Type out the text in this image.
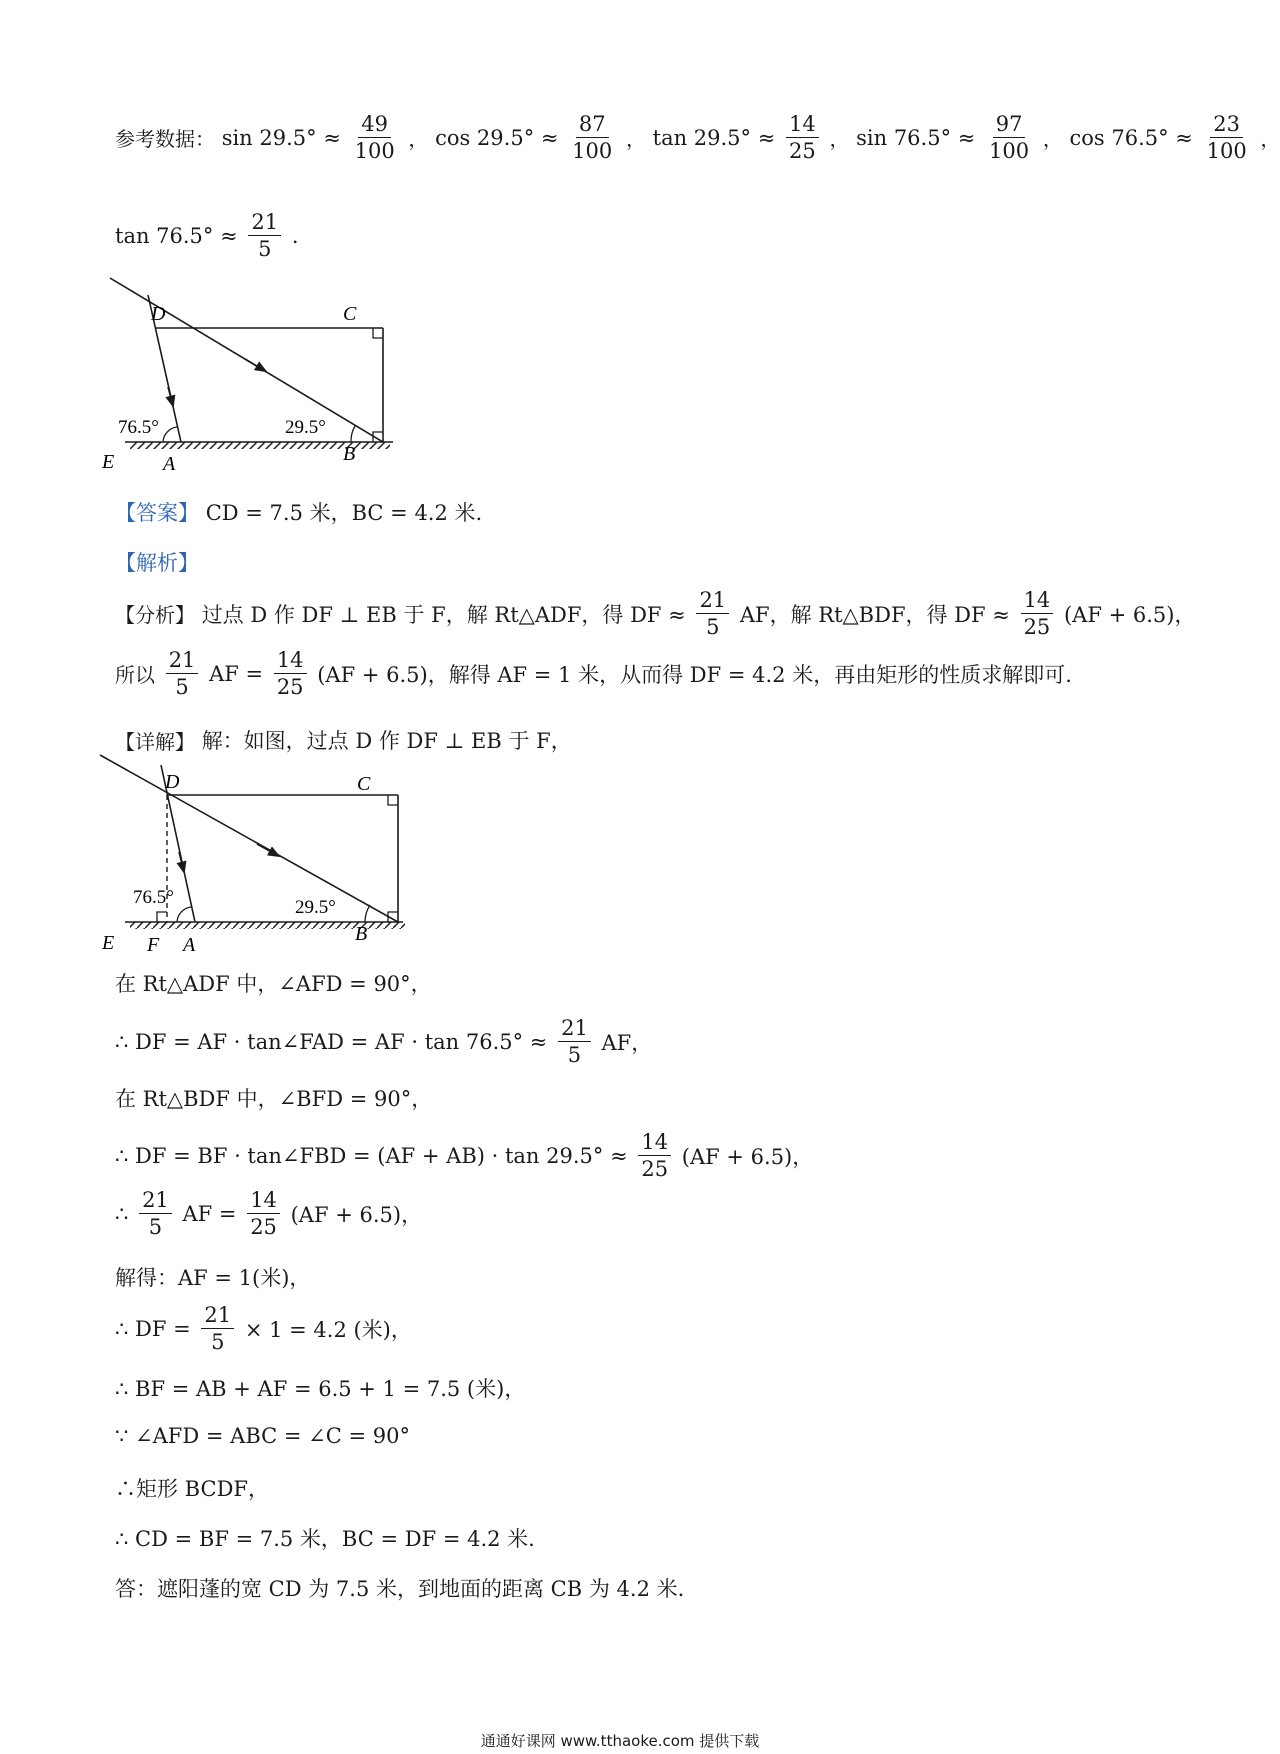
参考数据： $\sin 29.5^\circ \approx \frac{49}{100}$ ， $\cos 29.5^\circ \approx \frac{87}{100}$ ， $\tan 29.5^\circ \approx \frac{14}{25}$ ， $\sin 76.5^\circ \approx \frac{97}{100}$ ， $\cos 76.5^\circ \approx \frac{23}{100}$ ，
$\tan 76.5^\circ \approx \frac{21}{5}$ .
D	C
E A	B
76.5°	29.5°
【答案】 CD = 7.5 米，BC = 4.2 米.
【解析】
【分析】 过点 D 作 DF ⊥ EB 于 F，解 Rt△ADF，得 DF ≈ $\frac{21}{5}$ AF，解 Rt△BDF，得 DF ≈ $\frac{14}{25} (AF + 6.5)$，
所以 $\frac{21}{5}$ AF = $\frac{14}{25} (AF + 6.5)$，解得 AF = 1 米，从而得 DF = 4.2 米，再由矩形的性质求解即可.
【详解】 解：如图，过点 D 作 DF ⊥ EB 于 F，
D	C
E F A	B
76.5°	29.5°
在 Rt△ADF 中，∠AFD = 90°，
∴ DF = AF · tan∠FAD = AF · $\tan 76.5^\circ \approx \frac{21}{5}$ AF，
在 Rt△BDF 中，∠BFD = 90°，
∴ DF = BF · tan∠FBD = $(AF + AB) \cdot \tan 29.5^\circ \approx \frac{14}{25} (AF + 6.5)$，
∴ $\frac{21}{5}$ AF = $\frac{14}{25} (AF + 6.5)$，
解得：AF = 1(米)，
∴ DF = $\frac{21}{5} \times 1 = 4.2$ (米)，
∴ BF = AB + AF = 6.5 + 1 = 7.5 (米)，
∵ ∠AFD = ABC = ∠C = 90°
∴矩形 BCDF，
∴ CD = BF = 7.5 米，BC = DF = 4.2 米.
答：遮阳蓬的宽 CD 为 7.5 米，到地面的距离 CB 为 4.2 米.
通通好课网 www.tthaoke.com 提供下载
